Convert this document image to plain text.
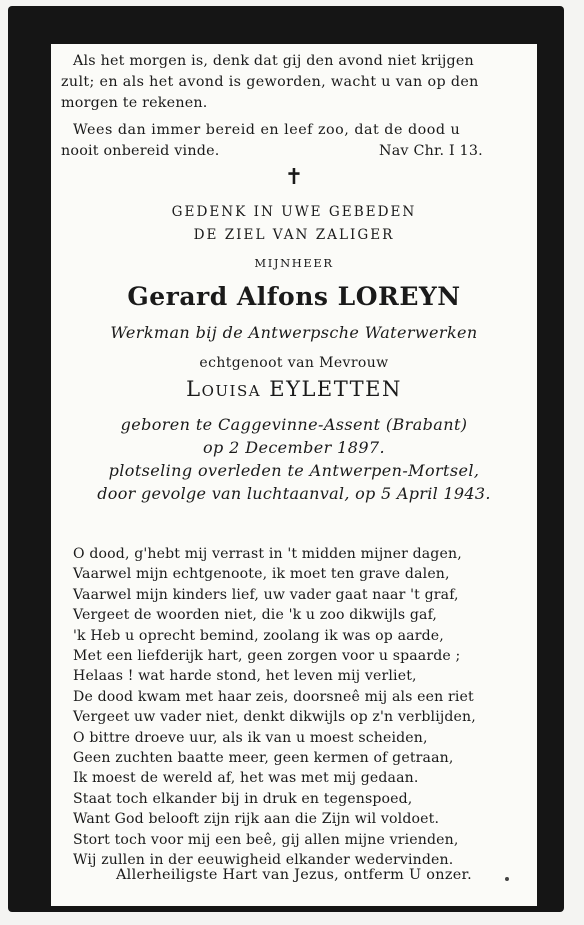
Als het morgen is, denk dat gij den avond niet krijgen
zult; en als het avond is geworden, wacht u van op den
morgen te rekenen.
Wees dan immer bereid en leef zoo, dat de dood u
nooit onbereid vinde.	Nav Chr. I 13.
✝
GEDENK IN UWE GEBEDEN
DE ZIEL VAN ZALIGER
MIJNHEER
Gerard Alfons LOREYN
Werkman bij de Antwerpsche Waterwerken
echtgenoot van Mevrouw
Louisa EYLETTEN
geboren te Caggevinne-Assent (Brabant)
op 2 December 1897.
plotseling overleden te Antwerpen-Mortsel,
door gevolge van luchtaanval, op 5 April 1943.
O dood, g'hebt mij verrast in 't midden mijner dagen,
Vaarwel mijn echtgenoote, ik moet ten grave dalen,
Vaarwel mijn kinders lief, uw vader gaat naar 't graf,
Vergeet de woorden niet, die 'k u zoo dikwijls gaf,
'k Heb u oprecht bemind, zoolang ik was op aarde,
Met een liefderijk hart, geen zorgen voor u spaarde ;
Helaas ! wat harde stond, het leven mij verliet,
De dood kwam met haar zeis, doorsneê mij als een riet
Vergeet uw vader niet, denkt dikwijls op z'n verblijden,
O bittre droeve uur, als ik van u moest scheiden,
Geen zuchten baatte meer, geen kermen of getraan,
Ik moest de wereld af, het was met mij gedaan.
Staat toch elkander bij in druk en tegenspoed,
Want God belooft zijn rijk aan die Zijn wil voldoet.
Stort toch voor mij een beê, gij allen mijne vrienden,
Wij zullen in der eeuwigheid elkander wedervinden.
Allerheiligste Hart van Jezus, ontferm U onzer.
